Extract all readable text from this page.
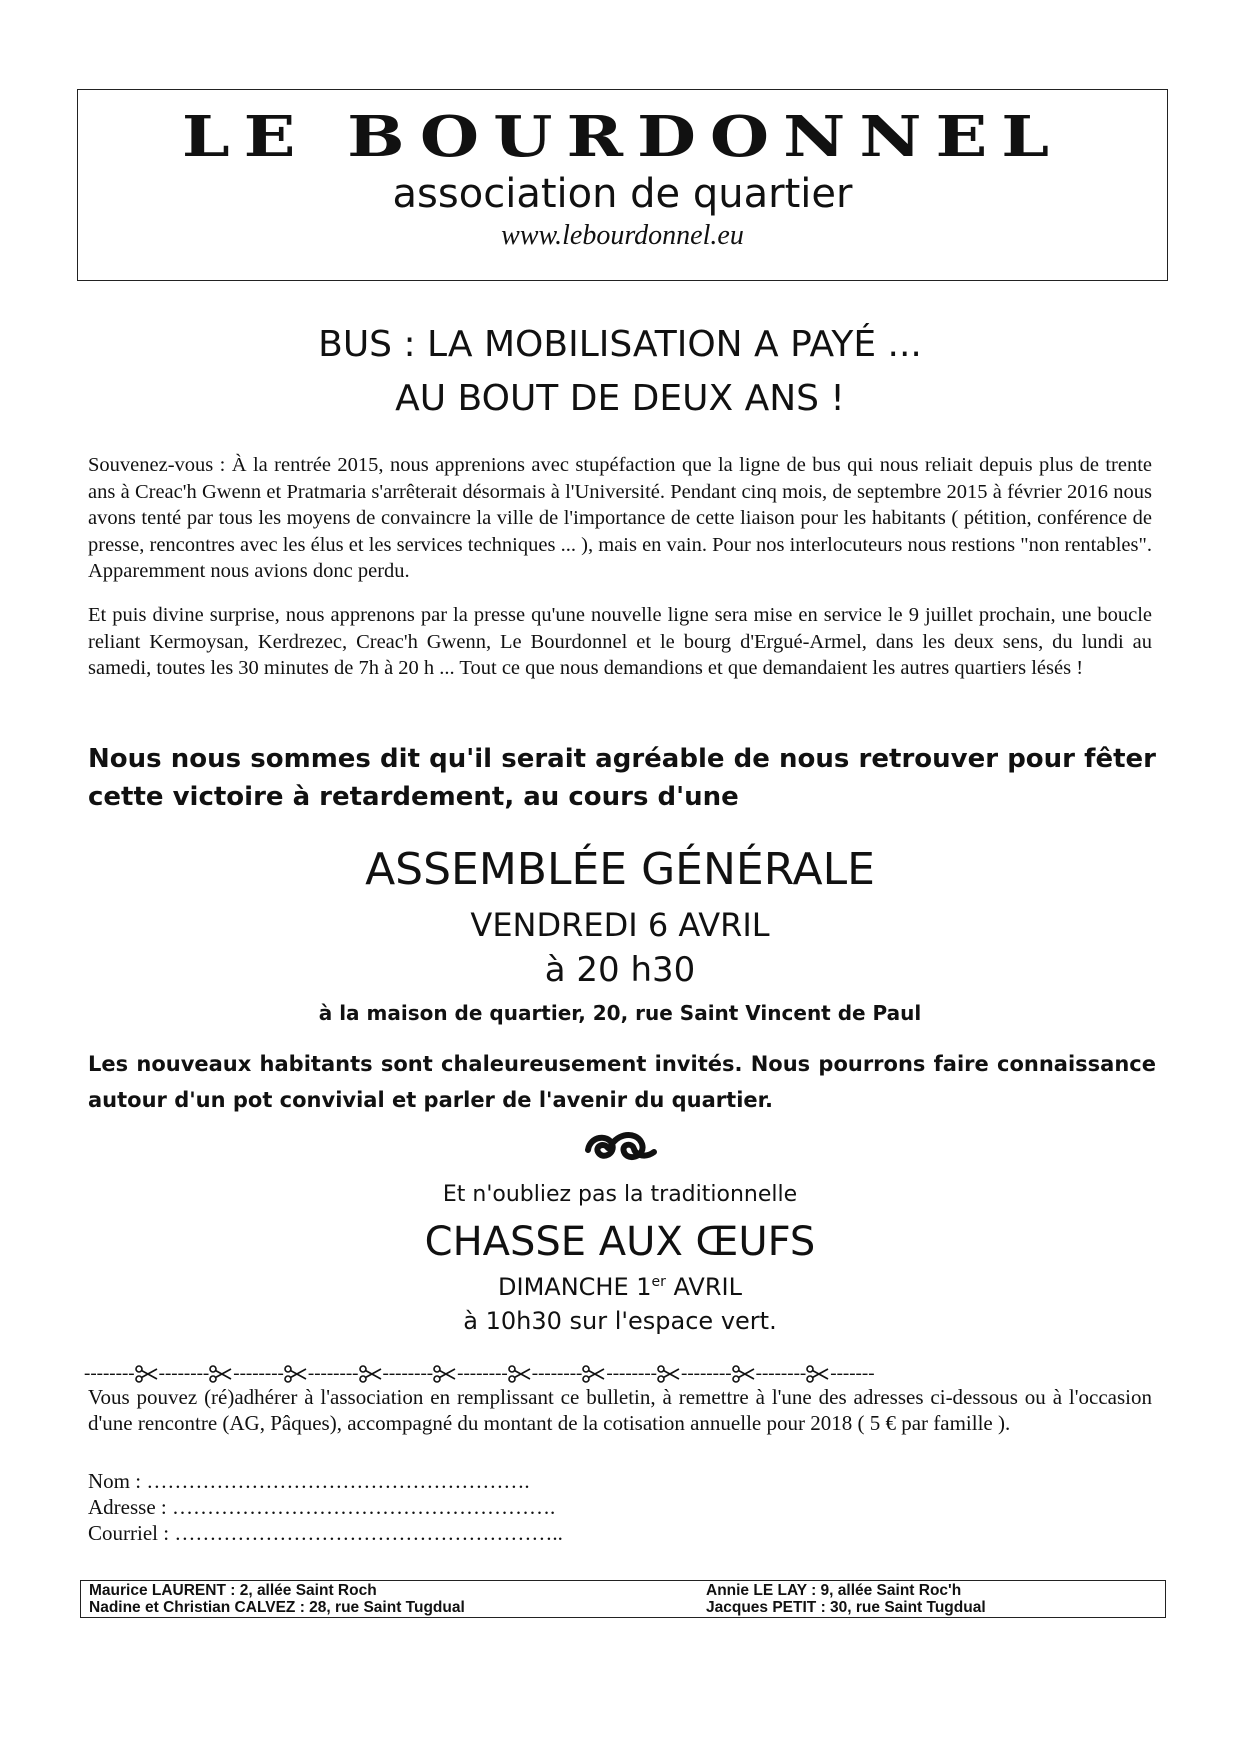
LE BOURDONNEL
association de quartier
www.lebourdonnel.eu
BUS : LA MOBILISATION A PAYÉ ...
AU BOUT DE DEUX ANS !
Souvenez-vous : À la rentrée 2015, nous apprenions avec stupéfaction que la ligne de bus qui nous reliait depuis plus de trente ans à Creac'h Gwenn et Pratmaria s'arrêterait désormais à l'Université. Pendant cinq mois, de septembre 2015 à février 2016 nous avons tenté par tous les moyens de convaincre la ville de l'importance de cette liaison pour les habitants ( pétition, conférence de presse, rencontres avec les élus et les services techniques ... ), mais en vain. Pour nos interlocuteurs nous restions "non rentables". Apparemment nous avions donc perdu.
Et puis divine surprise, nous apprenons par la presse qu'une nouvelle ligne sera mise en service le 9 juillet prochain, une boucle reliant Kermoysan, Kerdrezec, Creac'h Gwenn, Le Bourdonnel et le bourg d'Ergué-Armel, dans les deux sens, du lundi au samedi, toutes les 30 minutes de 7h à 20 h ... Tout ce que nous demandions et que demandaient les autres quartiers lésés !
Nous nous sommes dit qu'il serait agréable de nous retrouver pour fêter cette victoire à retardement, au cours d'une
ASSEMBLÉE GÉNÉRALE
VENDREDI 6 AVRIL
à 20 h30
à la maison de quartier, 20, rue Saint Vincent de Paul
Les nouveaux habitants sont chaleureusement invités. Nous pourrons faire connaissance autour d'un pot convivial et parler de l'avenir du quartier.
Et n'oubliez pas la traditionnelle
CHASSE AUX ŒUFS
DIMANCHE 1er AVRIL
à 10h30 sur l'espace vert.
-------- -------- -------- -------- -------- -------- -------- -------- -------- -------- -------
Vous pouvez (ré)adhérer à l'association en remplissant ce bulletin, à remettre à l'une des adresses ci-dessous ou à l'occasion d'une rencontre (AG, Pâques), accompagné du montant de la cotisation annuelle pour 2018 ( 5 € par famille ).
Nom : ……………………………………………….
Adresse : ……………………………………………….
Courriel : ………………………………………………..
Maurice LAURENT : 2, allée Saint Roch
Nadine et Christian CALVEZ : 28, rue Saint Tugdual
Annie LE LAY : 9, allée Saint Roc'h
Jacques PETIT : 30, rue Saint Tugdual
